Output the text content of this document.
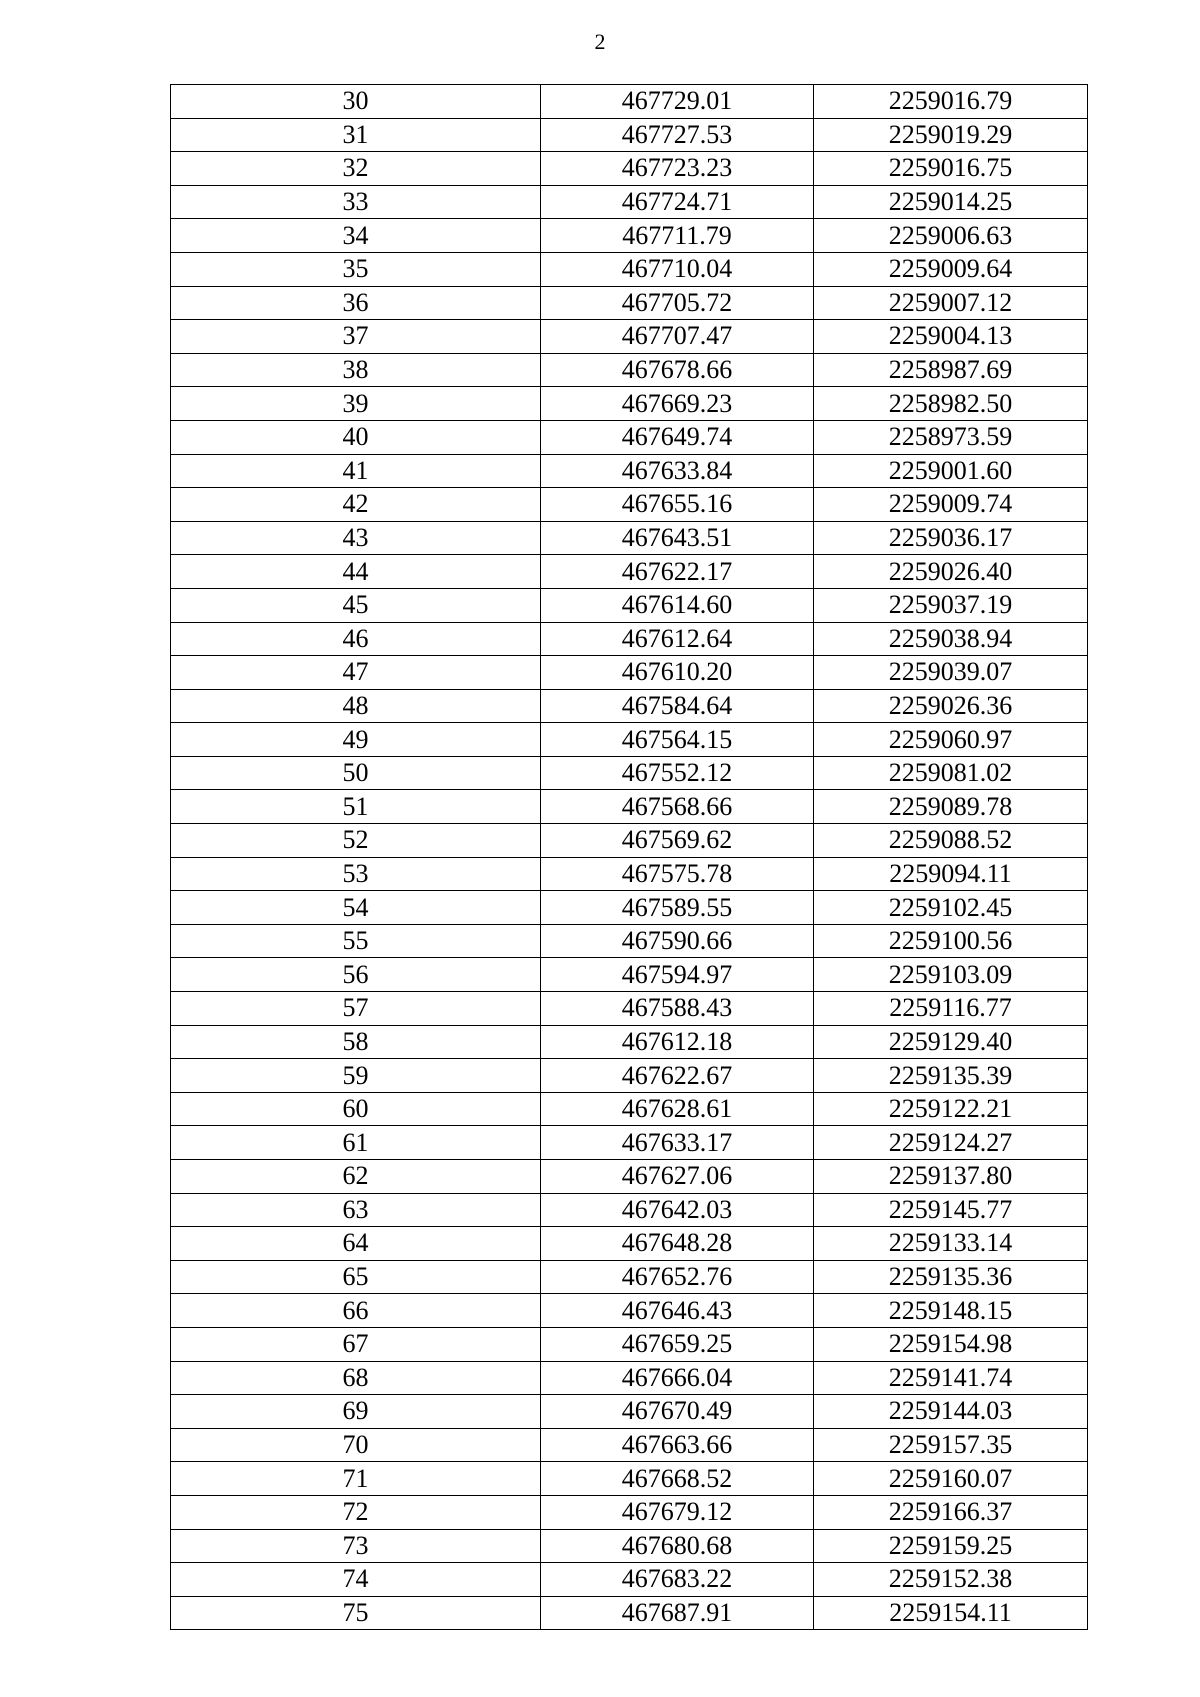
2
30	467729.01	2259016.79
31	467727.53	2259019.29
32	467723.23	2259016.75
33	467724.71	2259014.25
34	467711.79	2259006.63
35	467710.04	2259009.64
36	467705.72	2259007.12
37	467707.47	2259004.13
38	467678.66	2258987.69
39	467669.23	2258982.50
40	467649.74	2258973.59
41	467633.84	2259001.60
42	467655.16	2259009.74
43	467643.51	2259036.17
44	467622.17	2259026.40
45	467614.60	2259037.19
46	467612.64	2259038.94
47	467610.20	2259039.07
48	467584.64	2259026.36
49	467564.15	2259060.97
50	467552.12	2259081.02
51	467568.66	2259089.78
52	467569.62	2259088.52
53	467575.78	2259094.11
54	467589.55	2259102.45
55	467590.66	2259100.56
56	467594.97	2259103.09
57	467588.43	2259116.77
58	467612.18	2259129.40
59	467622.67	2259135.39
60	467628.61	2259122.21
61	467633.17	2259124.27
62	467627.06	2259137.80
63	467642.03	2259145.77
64	467648.28	2259133.14
65	467652.76	2259135.36
66	467646.43	2259148.15
67	467659.25	2259154.98
68	467666.04	2259141.74
69	467670.49	2259144.03
70	467663.66	2259157.35
71	467668.52	2259160.07
72	467679.12	2259166.37
73	467680.68	2259159.25
74	467683.22	2259152.38
75	467687.91	2259154.11
